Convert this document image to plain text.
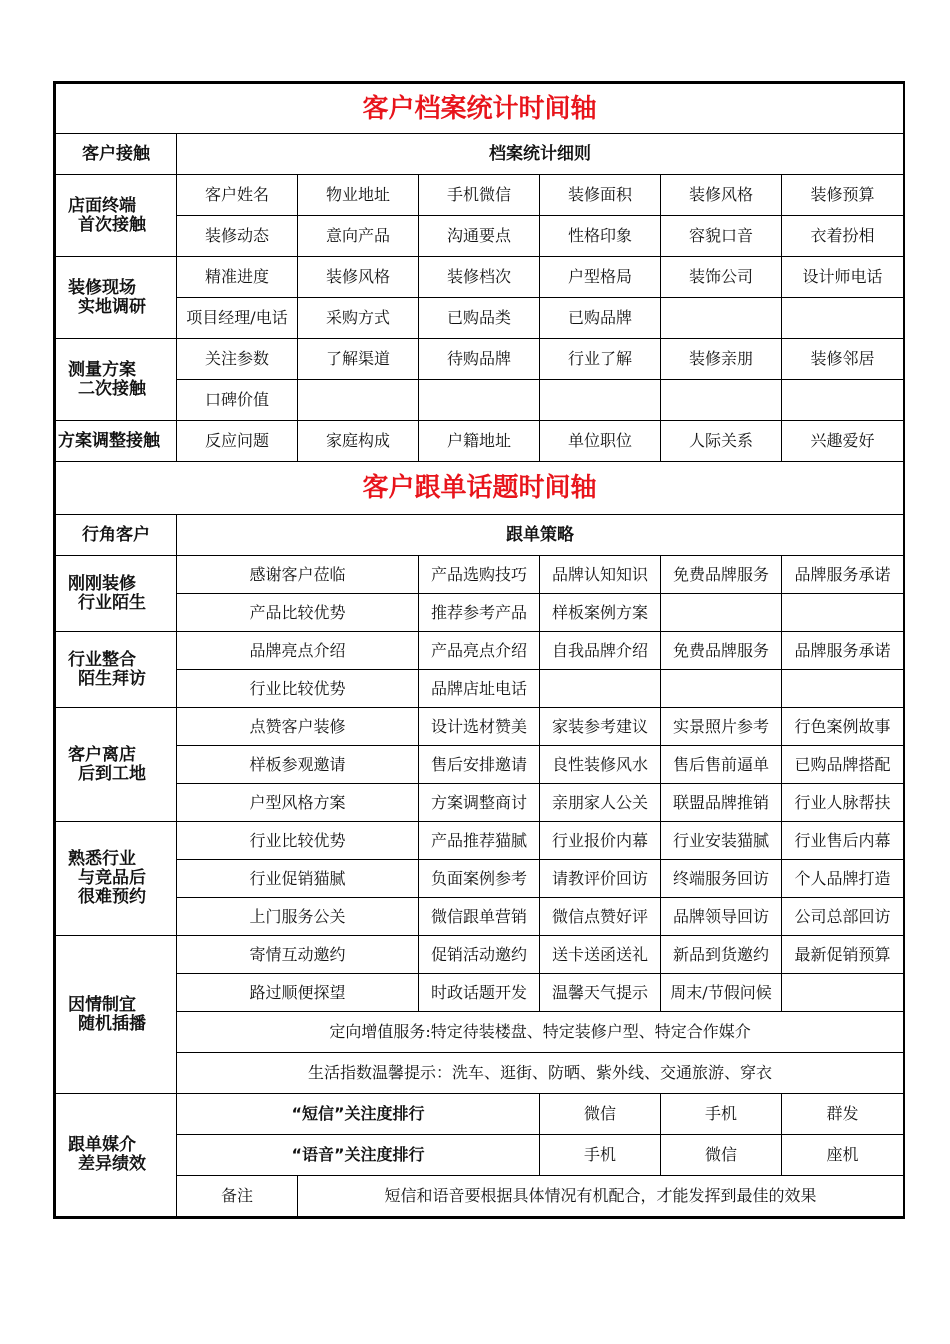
客户档案统计时间轴						
客户接触	档案统计细则					

店面终端
首次接触	客户姓名	物业地址	手机微信	装修面积	装修风格	装修预算
	装修动态	意向产品	沟通要点	性格印象	容貌口音	衣着扮相

装修现场
实地调研	精准进度	装修风格	装修档次	户型格局	装饰公司	设计师电话
	项目经理/电话	采购方式	已购品类	已购品牌		

测量方案
二次接触	关注参数	了解渠道	待购品牌	行业了解	装修亲朋	装修邻居
	口碑价值					

方案调整接触	反应问题	家庭构成	户籍地址	单位职位	人际关系	兴趣爱好
客户跟单话题时间轴						
行角客户	跟单策略					

刚刚装修
行业陌生	感谢客户莅临		产品选购技巧	品牌认知知识	免费品牌服务	品牌服务承诺
	产品比较优势		推荐参考产品	样板案例方案		

行业整合
陌生拜访	品牌亮点介绍		产品亮点介绍	自我品牌介绍	免费品牌服务	品牌服务承诺
	行业比较优势		品牌店址电话			

客户离店
后到工地	点赞客户装修		设计选材赞美	家装参考建议	实景照片参考	行色案例故事
	样板参观邀请		售后安排邀请	良性装修风水	售后售前逼单	已购品牌搭配
	户型风格方案		方案调整商讨	亲朋家人公关	联盟品牌推销	行业人脉帮扶

熟悉行业
与竞品后
很难预约	行业比较优势		产品推荐猫腻	行业报价内幕	行业安装猫腻	行业售后内幕
	行业促销猫腻		负面案例参考	请教评价回访	终端服务回访	个人品牌打造
	上门服务公关		微信跟单营销	微信点赞好评	品牌领导回访	公司总部回访

因情制宜
随机插播	寄情互动邀约		促销活动邀约	送卡送函送礼	新品到货邀约	最新促销预算
	路过顺便探望		时政话题开发	温馨天气提示	周末/节假问候	
	定向增值服务:特定待装楼盘、特定装修户型、特定合作媒介					
	生活指数温馨提示：洗车、逛街、防晒、紫外线、交通旅游、穿衣					

跟单媒介
差异绩效	“短信”关注度排行			微信	手机	群发
	“语音”关注度排行			手机	微信	座机
	备注	短信和语音要根据具体情况有机配合，才能发挥到最佳的效果				
